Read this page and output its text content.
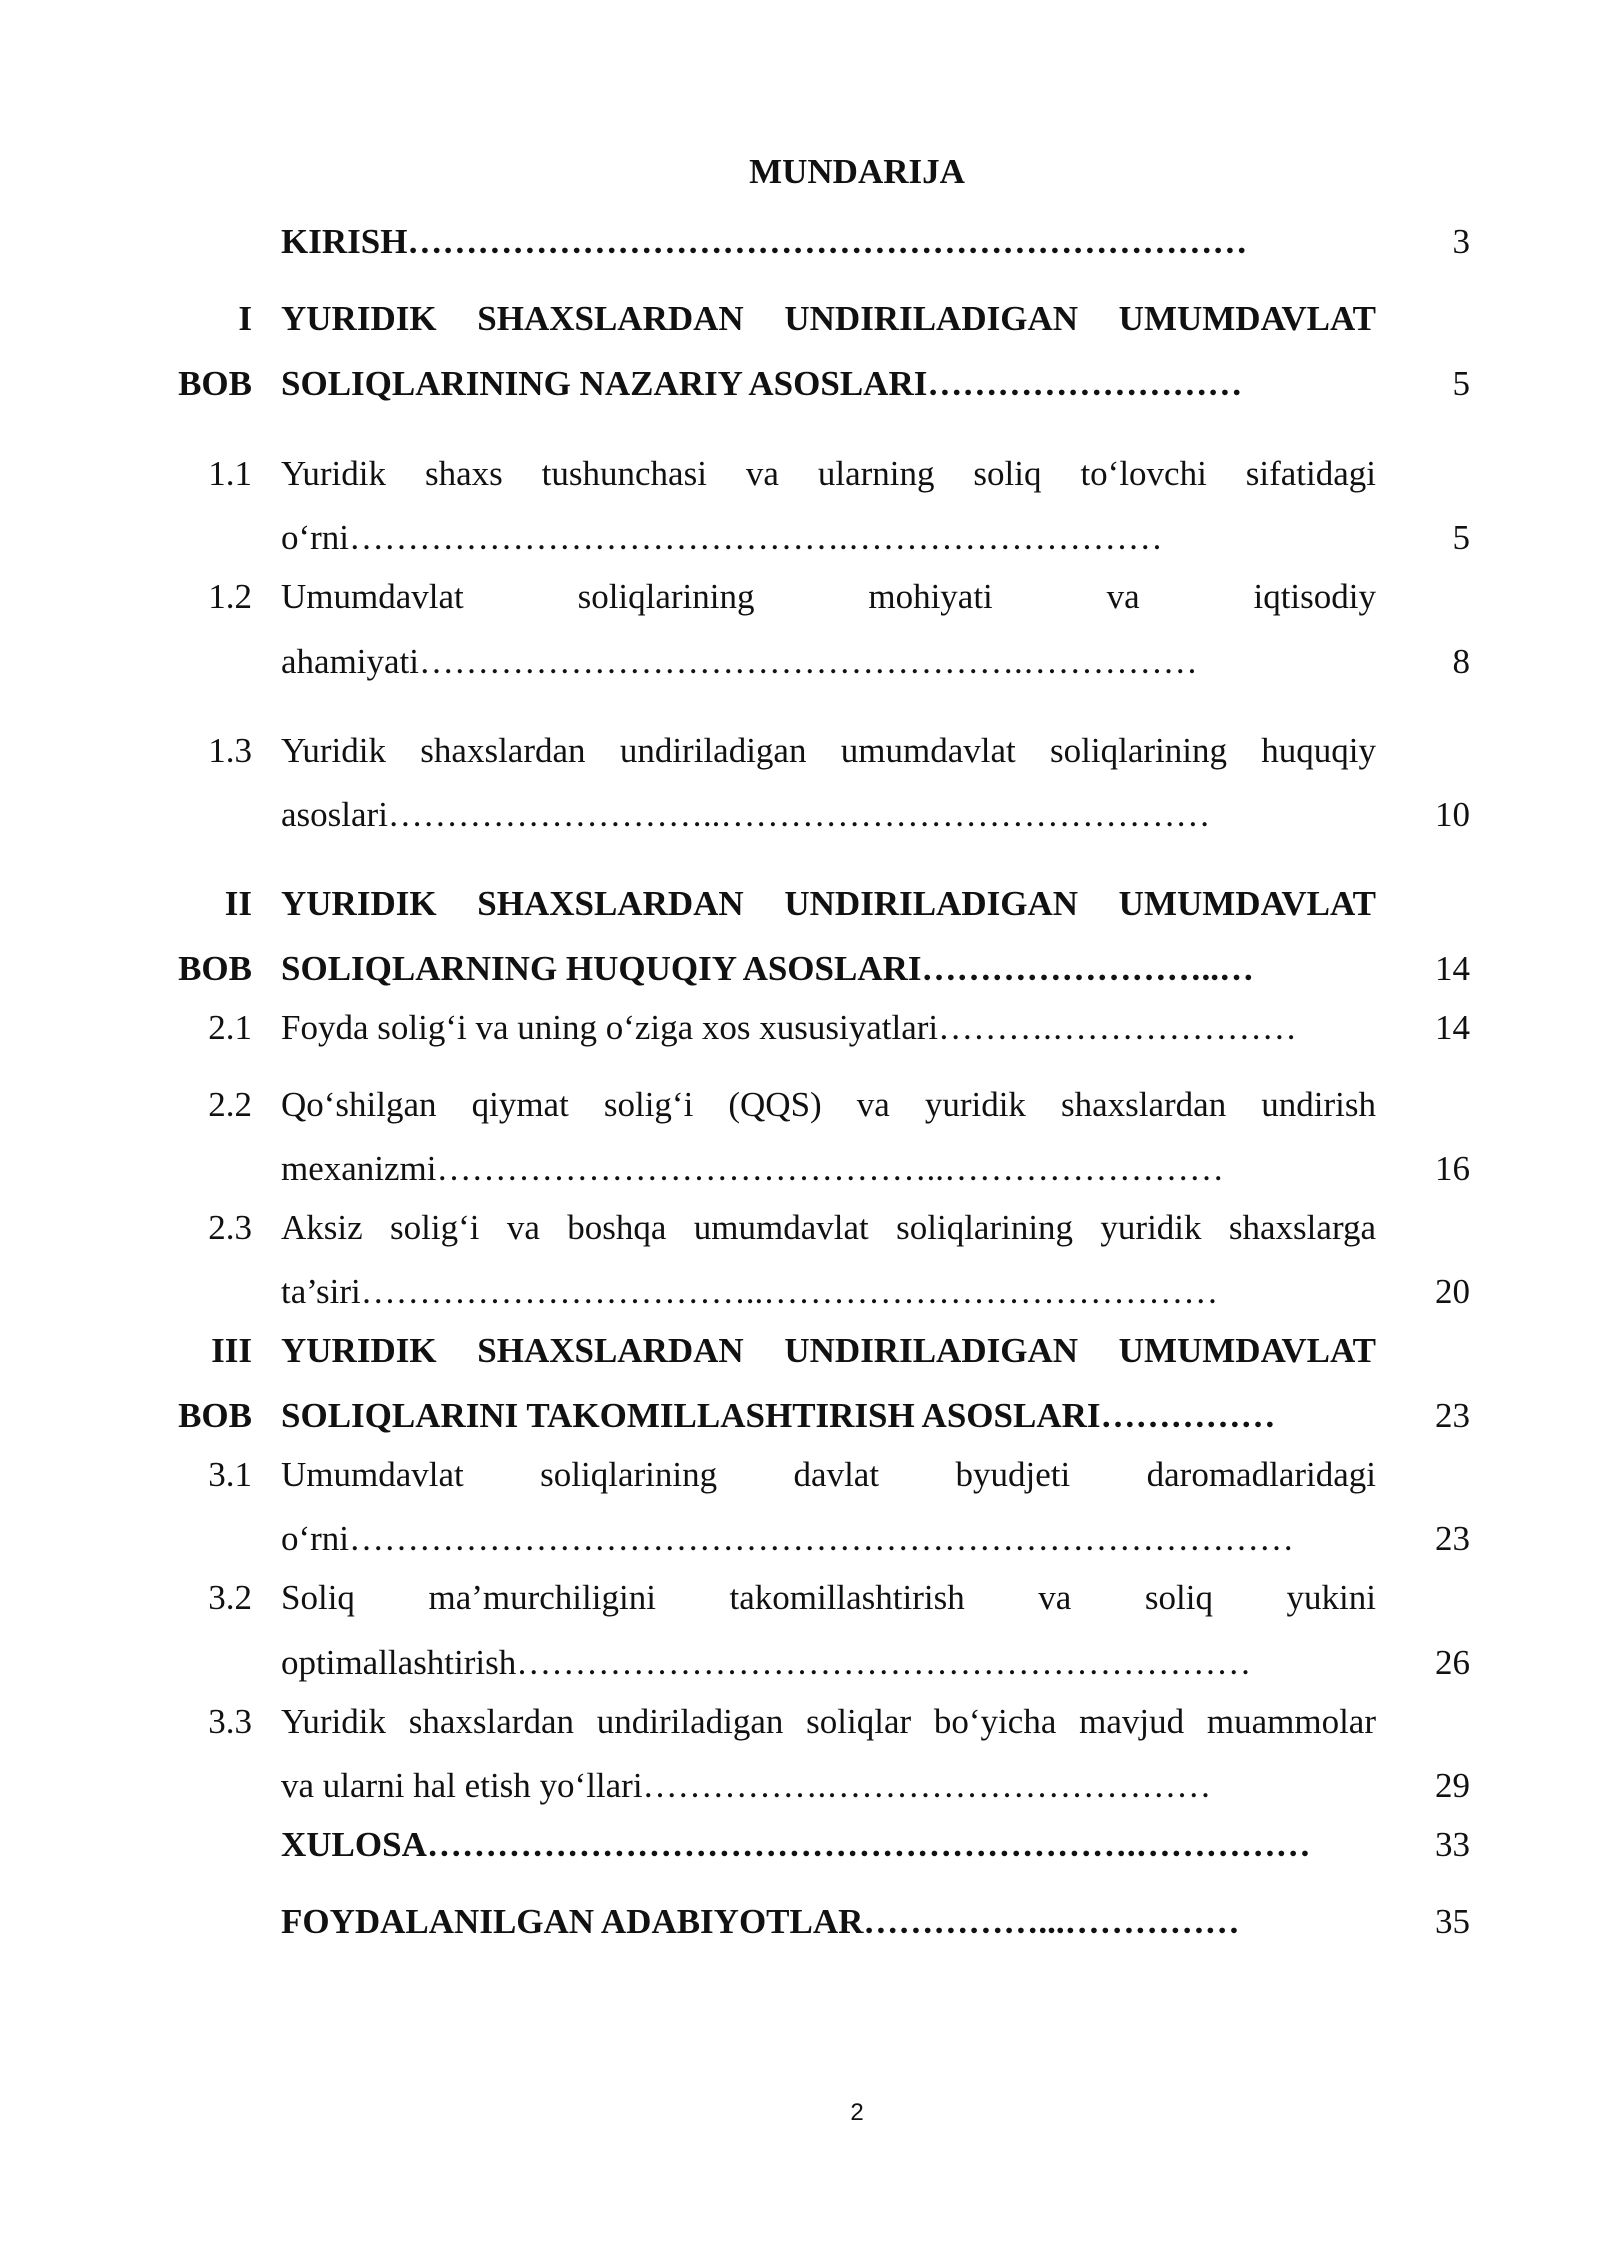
MUNDARIJA
KIRISH………………………………………………………………	3
I YURIDIK SHAXSLARDAN UNDIRILADIGAN UMUMDAVLAT
BOB SOLIQLARINING NAZARIY ASOSLARI………………………	5
1.1 Yuridik shaxs tushunchasi va ularning soliq to‘lovchi sifatidagi
o‘rni…………………………………….………………………	5
1.2 Umumdavlat soliqlarining mohiyati va iqtisodiy
ahamiyati…………………………………………….……………	8
1.3 Yuridik shaxslardan undiriladigan umumdavlat soliqlarining huquqiy
asoslari………………………..……………………………………	10
II YURIDIK SHAXSLARDAN UNDIRILADIGAN UMUMDAVLAT
BOB SOLIQLARNING HUQUQIY ASOSLARI……………………..…	14
2.1 Foyda solig‘i va uning o‘ziga xos xususiyatlari……….…………………	14
2.2 Qo‘shilgan qiymat solig‘i (QQS) va yuridik shaxslardan undirish
mexanizmi……………………………………..……………………	16
2.3 Aksiz solig‘i va boshqa umumdavlat soliqlarining yuridik shaxslarga
ta’siri……………………………..…………………………………	20
III YURIDIK SHAXSLARDAN UNDIRILADIGAN UMUMDAVLAT
BOB SOLIQLARINI TAKOMILLASHTIRISH ASOSLARI……………	23
3.1 Umumdavlat soliqlarining davlat byudjeti daromadlaridagi
o‘rni………………………………………………………………………	23
3.2 Soliq ma’murchiligini takomillashtirish va soliq yukini
optimallashtirish………………………………………………………	26
3.3 Yuridik shaxslardan undiriladigan soliqlar bo‘yicha mavjud muammolar
va ularni hal etish yo‘llari…………….……………………………	29
XULOSA…………………………………………………….……………	33
FOYDALANILGAN ADABIYOTLAR……………...……………	35
2
